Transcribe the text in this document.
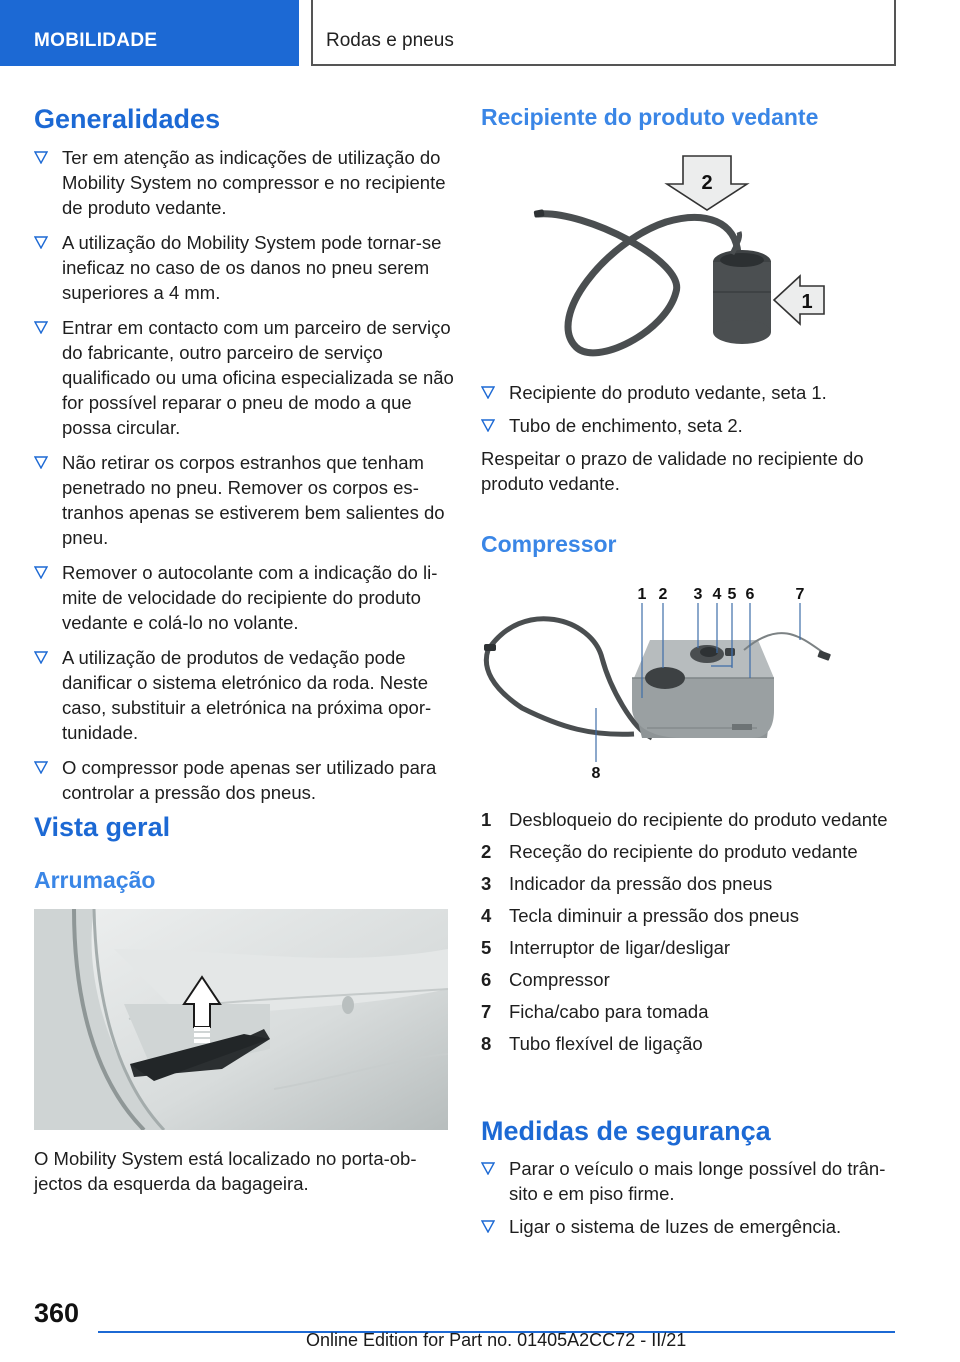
MOBILIDADE	Rodas e pneus
Generalidades
Ter em atenção as indicações de utilização do Mobility System no compressor e no recipiente de produto vedante.
A utilização do Mobility System pode tornar-se ineficaz no caso de os danos no pneu serem superiores a 4 mm.
Entrar em contacto com um parceiro de serviço do fabricante, outro parceiro de serviço qualificado ou uma oficina especializada se não for possível reparar o pneu de modo a que possa circular.
Não retirar os corpos estranhos que tenham penetrado no pneu. Remover os corpos estranhos apenas se estiverem bem salientes do pneu.
Remover o autocolante com a indicação do limite de velocidade do recipiente do produto vedante e colá-lo no volante.
A utilização de produtos de vedação pode danificar o sistema eletrónico da roda. Neste caso, substituir a eletrónica na próxima oportunidade.
O compressor pode apenas ser utilizado para controlar a pressão dos pneus.
Vista geral
Arrumação
O Mobility System está localizado no porta-objectos da esquerda da bagageira.
Recipiente do produto vedante
2
1
Recipiente do produto vedante, seta 1.
Tubo de enchimento, seta 2.
Respeitar o prazo de validade no recipiente do produto vedante.
Compressor
1 2 3 4 5 6	7
8
1 Desbloqueio do recipiente do produto vedante
2 Receção do recipiente do produto vedante
3 Indicador da pressão dos pneus
4 Tecla diminuir a pressão dos pneus
5 Interruptor de ligar/desligar
6 Compressor
7 Ficha/cabo para tomada
8 Tubo flexível de ligação
Medidas de segurança
Parar o veículo o mais longe possível do trânsito e em piso firme.
Ligar o sistema de luzes de emergência.
360
Online Edition for Part no. 01405A2CC72 - II/21
